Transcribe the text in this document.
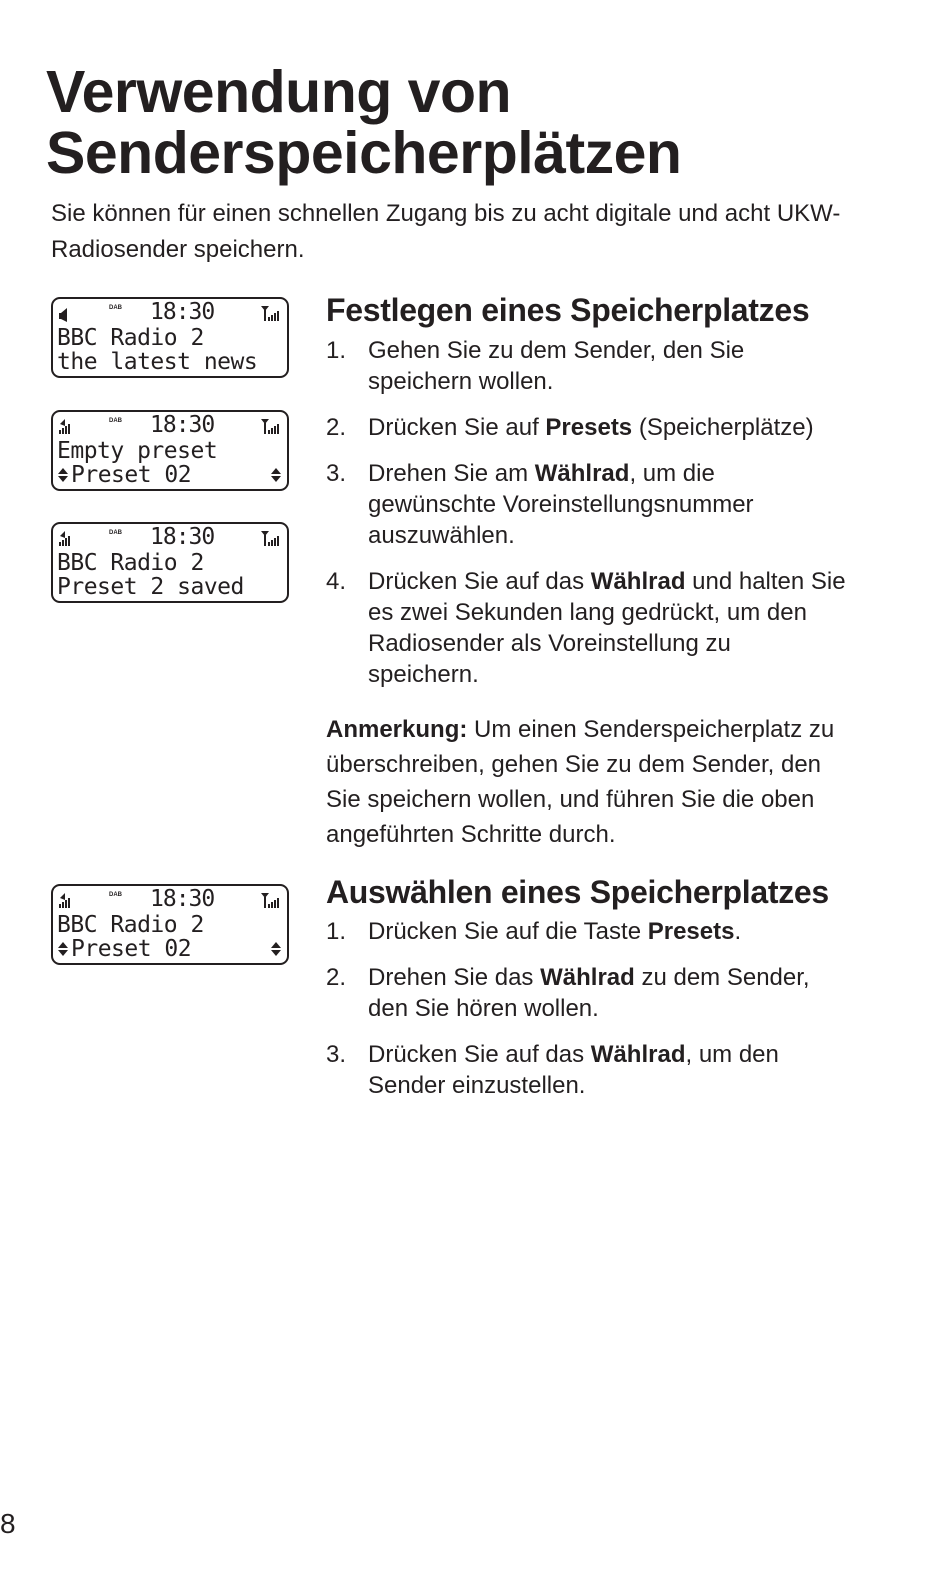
Verwendung von
Senderspeicherplätzen

Sie können für einen schnellen Zugang bis zu acht digitale und acht UKW-Radiosender speichern.

DAB 18:30
BBC Radio 2
the latest news
DAB 18:30
Empty preset
Preset 02
DAB 18:30
BBC Radio 2
Preset 2 saved
DAB 18:30
BBC Radio 2
Preset 02
Festlegen eines Speicherplatzes
1. Gehen Sie zu dem Sender, den Sie speichern wollen.
2. Drücken Sie auf Presets (Speicherplätze)
3. Drehen Sie am Wählrad, um die gewünschte Voreinstellungsnummer auszuwählen.
4. Drücken Sie auf das Wählrad und halten Sie es zwei Sekunden lang gedrückt, um den Radiosender als Voreinstellung zu speichern.

Anmerkung: Um einen Senderspeicherplatz zu überschreiben, gehen Sie zu dem Sender, den Sie speichern wollen, und führen Sie die oben angeführten Schritte durch.

Auswählen eines Speicherplatzes
1. Drücken Sie auf die Taste Presets.
2. Drehen Sie das Wählrad zu dem Sender, den Sie hören wollen.
3. Drücken Sie auf das Wählrad, um den Sender einzustellen.
8
